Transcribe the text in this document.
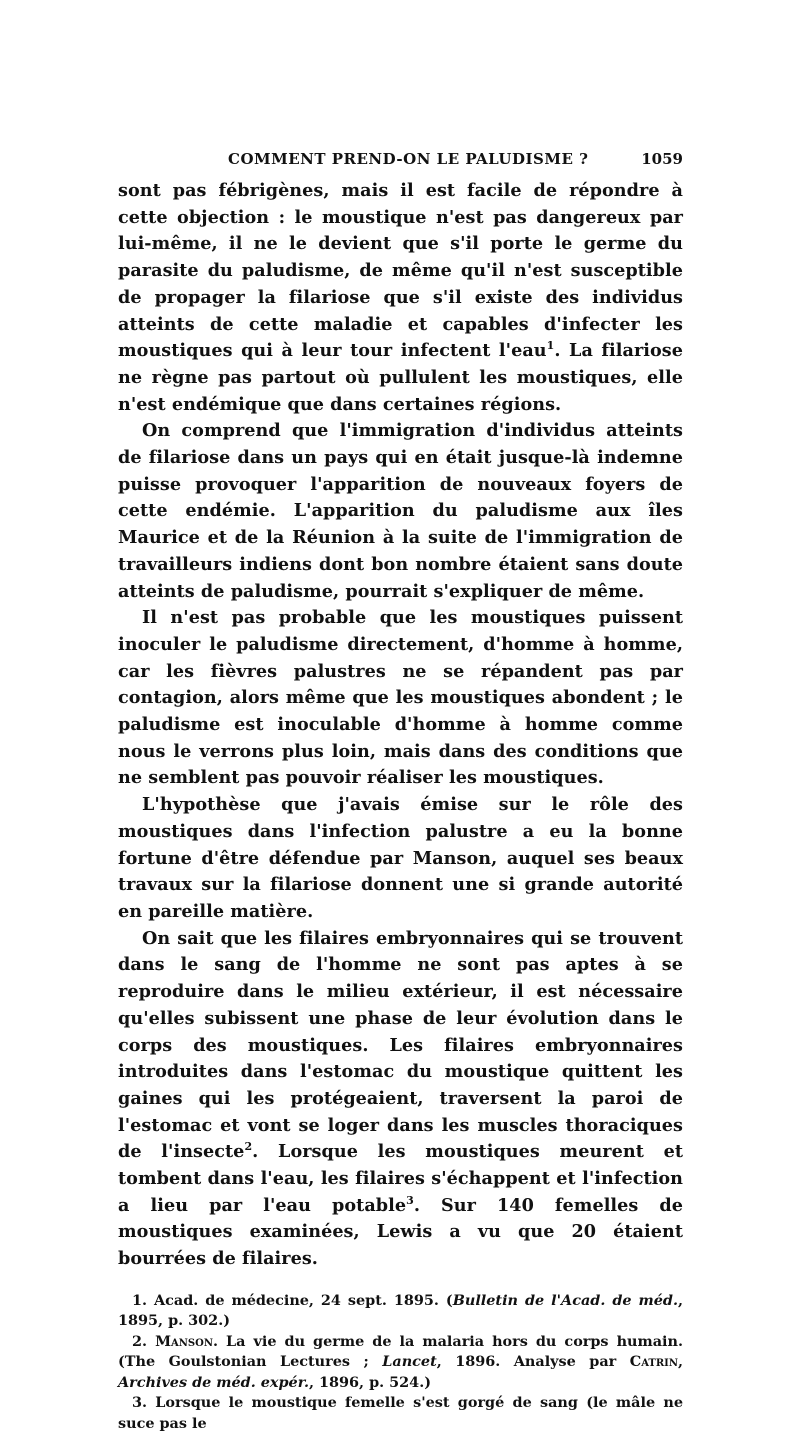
COMMENT PREND-ON LE PALUDISME ?	1059

sont pas fébrigènes, mais il est facile de répondre à cette objection : le moustique n'est pas dangereux par lui-même, il ne le devient que s'il porte le germe du parasite du paludisme, de même qu'il n'est susceptible de propager la filariose que s'il existe des individus atteints de cette maladie et capables d'infecter les moustiques qui à leur tour infectent l'eau$^1$. La filariose ne règne pas partout où pullulent les moustiques, elle n'est endémique que dans certaines régions.

On comprend que l'immigration d'individus atteints de filariose dans un pays qui en était jusque-là indemne puisse provoquer l'apparition de nouveaux foyers de cette endémie. L'apparition du paludisme aux îles Maurice et de la Réunion à la suite de l'immigration de travailleurs indiens dont bon nombre étaient sans doute atteints de paludisme, pourrait s'expliquer de même.

Il n'est pas probable que les moustiques puissent inoculer le paludisme directement, d'homme à homme, car les fièvres palustres ne se répandent pas par contagion, alors même que les moustiques abondent ; le paludisme est inoculable d'homme à homme comme nous le verrons plus loin, mais dans des conditions que ne semblent pas pouvoir réaliser les moustiques.

L'hypothèse que j'avais émise sur le rôle des moustiques dans l'infection palustre a eu la bonne fortune d'être défendue par Manson, auquel ses beaux travaux sur la filariose donnent une si grande autorité en pareille matière.

On sait que les filaires embryonnaires qui se trouvent dans le sang de l'homme ne sont pas aptes à se reproduire dans le milieu extérieur, il est nécessaire qu'elles subissent une phase de leur évolution dans le corps des moustiques. Les filaires embryonnaires introduites dans l'estomac du moustique quittent les gaines qui les protégeaient, traversent la paroi de l'estomac et vont se loger dans les muscles thoraciques de l'insecte$^2$. Lorsque les moustiques meurent et tombent dans l'eau, les filaires s'échappent et l'infection a lieu par l'eau potable$^3$. Sur 140 femelles de moustiques examinées, Lewis a vu que 20 étaient bourrées de filaires.

1. Acad. de médecine, 24 sept. 1895. (Bulletin de l'Acad. de méd., 1895, p. 302.)

2. Manson. La vie du germe de la malaria hors du corps humain. (The Goulstonian Lectures ; Lancet, 1896. Analyse par Catrin, Archives de méd. expér., 1896, p. 524.)

3. Lorsque le moustique femelle s'est gorgé de sang (le mâle ne suce pas le
